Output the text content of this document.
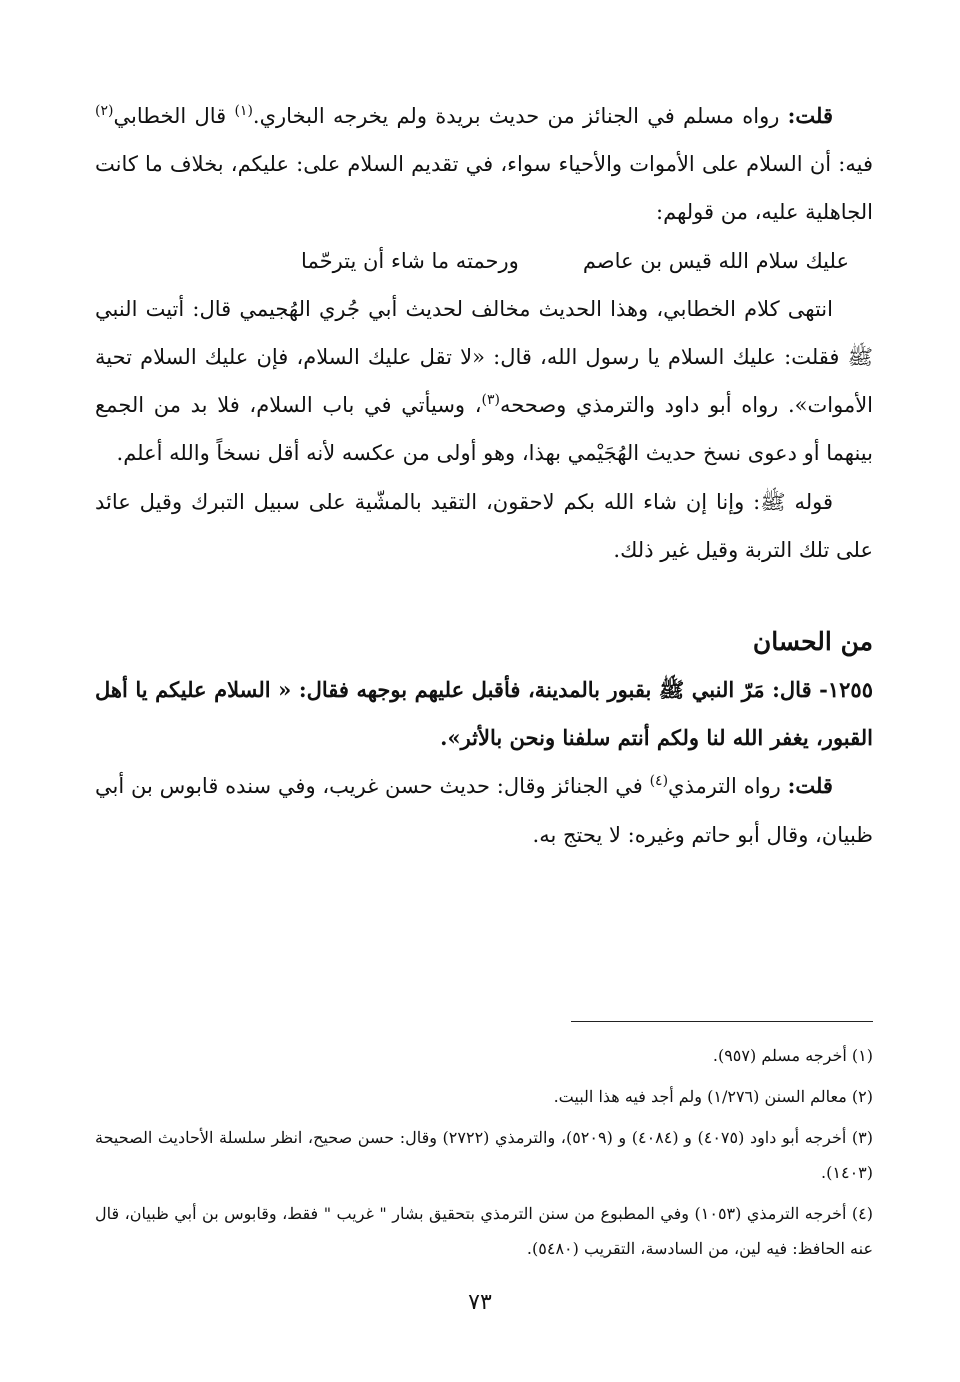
قلت: رواه مسلم في الجنائز من حديث بريدة ولم يخرجه البخاري.$^{(١)}$ قال الخطابي$^{(٢)}$ فيه: أن السلام على الأموات والأحياء سواء، في تقديم السلام على: عليكم، بخلاف ما كانت الجاهلية عليه، من قولهم:

عليك سلام الله قيس بن عاصم
ورحمته ما شاء أن يترحّما

انتهى كلام الخطابي، وهذا الحديث مخالف لحديث أبي جُري الهُجيمي قال: أتيت النبي ﷺ فقلت: عليك السلام يا رسول الله، قال: «لا تقل عليك السلام، فإن عليك السلام تحية الأموات». رواه أبو داود والترمذي وصححه$^{(٣)}$، وسيأتي في باب السلام، فلا بد من الجمع بينهما أو دعوى نسخ حديث الهُجَيْمي بهذا، وهو أولى من عكسه لأنه أقل نسخاً والله أعلم.

قوله ﷺ: وإنا إن شاء الله بكم لاحقون، التقيد بالمشّية على سبيل التبرك وقيل عائد على تلك التربة وقيل غير ذلك.

من الحسان

١٢٥٥- قال: مَرّ النبي ﷺ بقبور بالمدينة، فأقبل عليهم بوجهه فقال: « السلام عليكم يا أهل القبور، يغفر الله لنا ولكم أنتم سلفنا ونحن بالأثر».

قلت: رواه الترمذي$^{(٤)}$ في الجنائز وقال: حديث حسن غريب، وفي سنده قابوس بن أبي ظبيان، وقال أبو حاتم وغيره: لا يحتج به.

(١) أخرجه مسلم (٩٥٧).

(٢) معالم السنن (١/٢٧٦) ولم أجد فيه هذا البيت.

(٣) أخرجه أبو داود (٤٠٧٥) و (٤٠٨٤) و (٥٢٠٩)، والترمذي (٢٧٢٢) وقال: حسن صحيح، انظر سلسلة الأحاديث الصحيحة (١٤٠٣).

(٤) أخرجه الترمذي (١٠٥٣) وفي المطبوع من سنن الترمذي بتحقيق بشار " غريب " فقط، وقابوس بن أبي ظبيان، قال عنه الحافظ: فيه لين، من السادسة، التقريب (٥٤٨٠).

٧٣
